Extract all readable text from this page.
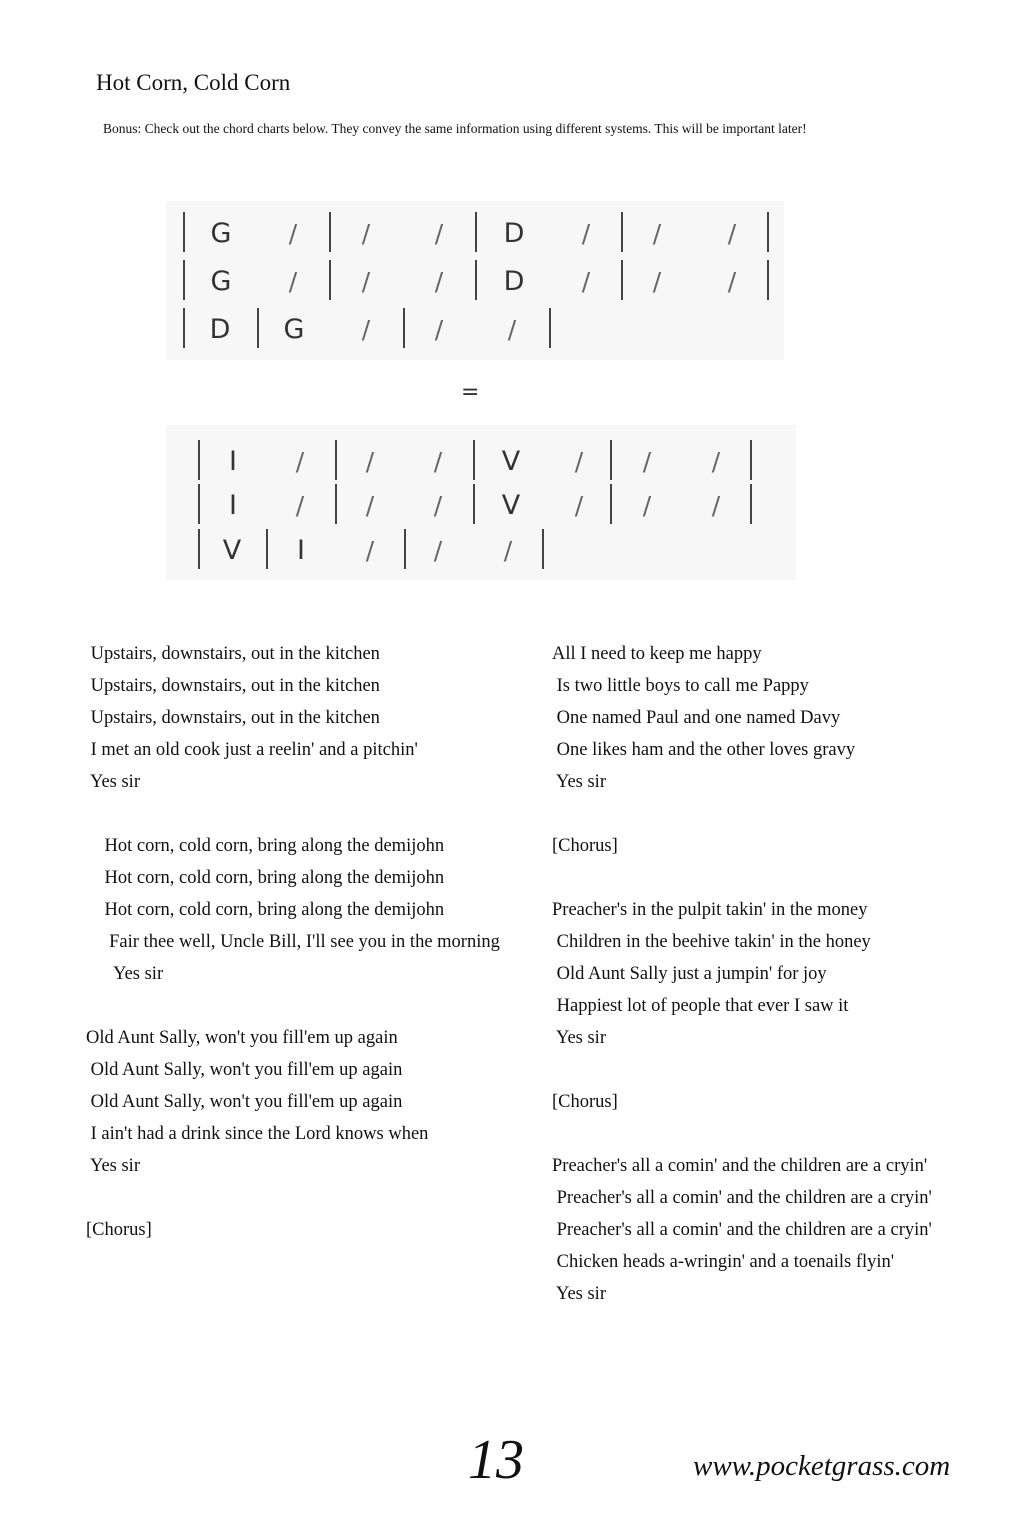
Hot Corn, Cold Corn
Bonus: Check out the chord charts below. They convey the same information using different systems. This will be important later!
G /	/	/ D /	/	/
G /	/	/ D /	/	/
D G /	/	/
=
I / / / V / / /
I / / / V / / /
V I / / /
Upstairs, downstairs, out in the kitchen
Upstairs, downstairs, out in the kitchen
Upstairs, downstairs, out in the kitchen
I met an old cook just a reelin' and a pitchin'
Yes sir
Hot corn, cold corn, bring along the demijohn
Hot corn, cold corn, bring along the demijohn
Hot corn, cold corn, bring along the demijohn
Fair thee well, Uncle Bill, I'll see you in the morning
Yes sir
Old Aunt Sally, won't you fill'em up again
Old Aunt Sally, won't you fill'em up again
Old Aunt Sally, won't you fill'em up again
I ain't had a drink since the Lord knows when
Yes sir
[Chorus]
All I need to keep me happy
Is two little boys to call me Pappy
One named Paul and one named Davy
One likes ham and the other loves gravy
Yes sir
[Chorus]
Preacher's in the pulpit takin' in the money
Children in the beehive takin' in the honey
Old Aunt Sally just a jumpin' for joy
Happiest lot of people that ever I saw it
Yes sir
[Chorus]
Preacher's all a comin' and the children are a cryin'
Preacher's all a comin' and the children are a cryin'
Preacher's all a comin' and the children are a cryin'
Chicken heads a-wringin' and a toenails flyin'
Yes sir
13	www.pocketgrass.com
